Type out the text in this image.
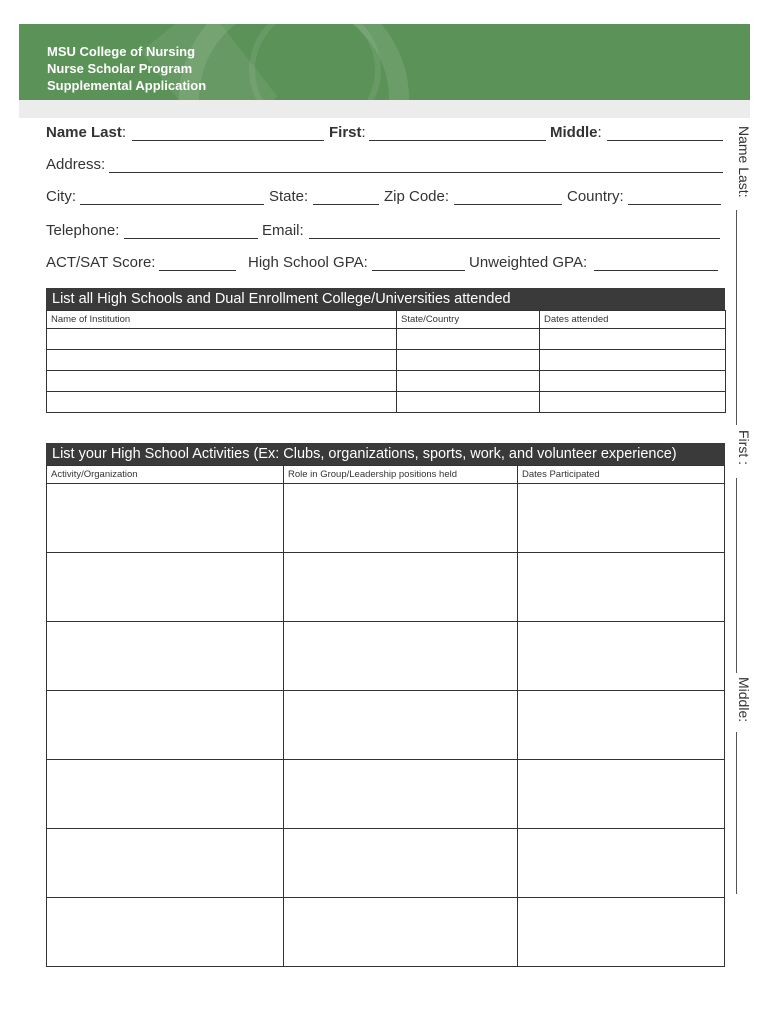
MSU College of Nursing
Nurse Scholar Program
Supplemental Application
Name Last:	First:	Middle:
Address:
City:	State:	Zip Code:	Country:
Telephone:	Email:
ACT/SAT Score:	High School GPA:	Unweighted GPA:
List all High Schools and Dual Enrollment College/Universities attended
Name of Institution	State/Country	Dates attended

List your High School Activities (Ex: Clubs, organizations, sports, work, and volunteer experience)
Activity/Organization	Role in Group/Leadership positions held	Dates Participated

Name Last:
First :
Middle:
